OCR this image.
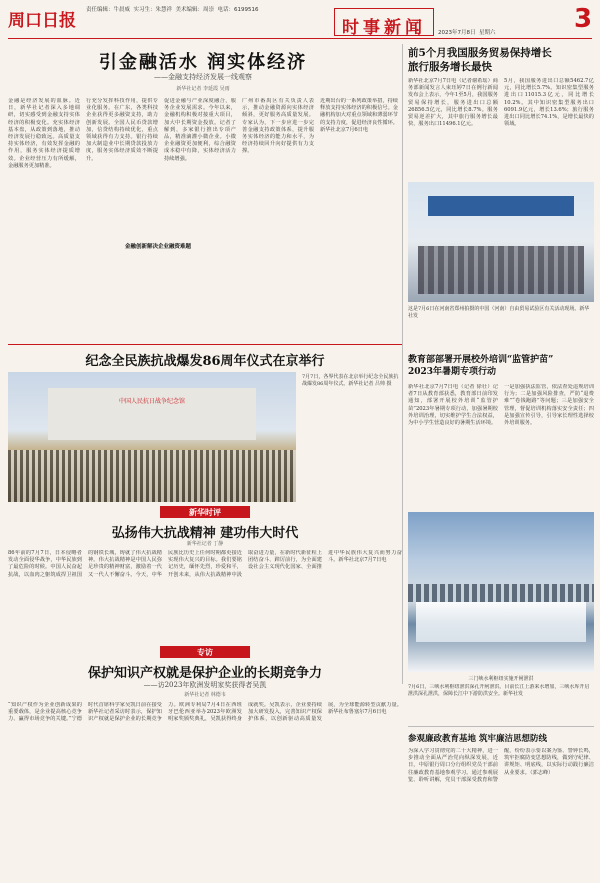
周口日报
责任编辑：牛晨威  实习生：朱慧祥  美术编辑：周崇  电话：6199516
时事新闻	2023年7月8日  星期六	3
引金融活水 润实体经济
——金融支持经济发展一线观察
新华社记者 李延霞 吴雨
金融是经济发展的血脉。近日，新华社记者深入多地调研，切实感受到金融支持实体经济的积极变化。充实体经济基本盘，从政策到落地，推动经济发展行稳致远。高质量支持实体经济，有效发挥金融的作用，服务实体经济提质增效。企业经营压力有所缓解，金融服务更加精准。
行充分发挥科技作用，提供专业化服务。在广东，各类科技企业获得更多融资支持，助力创新发展。全国人民币贷款增加，信贷结构持续优化，重点领域获得有力支持。银行持续加大制造业中长期贷款投放力度，服务实体经济质效不断提升。
促进金融与产业深度融合，服务企业发展需求。今年以来，金融机构积极对接重大项目，加大中长期资金投放。记者了解到，多家银行推出专项产品，精准滴灌小微企业。小微企业融资更加便利，综合融资成本稳中有降，实体经济活力持续增强。
广州市番禺区有关负责人表示，推动金融资源向实体经济倾斜，更好服务高质量发展。专家认为，下一步应进一步完善金融支持政策体系，提升服务实体经济的能力和水平，为经济持续回升向好提供有力支撑。
近期出台的一系列政策举措，持续释放支持实体经济的积极信号。金融机构加大对重点领域和薄弱环节的支持力度，促进经济良性循环。新华社北京7月6日电
金融创新解决企业融资难题
前5个月我国服务贸易保持增长
旅行服务增长最快
新华社北京7月7日电（记者谢希瑶）商务部新闻发言人束珏婷7日在例行新闻发布会上表示，今年1至5月，我国服务贸易保持增长，服务进出口总额26856.5亿元，同比增长8.7%。服务贸易逆差扩大，其中旅行服务增长最快，服务出口11496.1亿元。
5月，我国服务进出口总额5462.7亿元，同比增长5.7%。知识密集型服务进出口11015.3亿元，同比增长10.2%。其中知识密集型服务出口6091.9亿元，增长13.6%；旅行服务进出口同比增长74.1%，是增长最快的领域。
这是7月6日在河南省郑州拍摄的中国（河南）自由贸易试验区有关活动现场。新华社发
纪念全民族抗战爆发86周年仪式在京举行
中国人民抗日战争纪念馆
7月7日，各界代表在北京举行纪念全民族抗战爆发86周年仪式。新华社记者 吕帅 摄
教育部部署开展校外培训“监管护苗”
2023年暑期专项行动
新华社北京7月7日电（记者 徐壮）记者7日从教育部获悉，教育部日前印发通知，部署开展校外培训“监管护苗”2023年暑期专项行动，加强暑期校外培训治理，切实维护学生合法权益，为中小学生营造良好的暑期生活环境。
一是加强执法监管，依法查处违规培训行为；二是加强风险排查，严防“退费难”“卷钱跑路”等问题；三是加强安全管理，督促培训机构落实安全责任；四是加强宣传引导，引导家长理性选择校外培训服务。
新华时评
弘扬伟大抗战精神 建功伟大时代
新华社记者 丁静
86年前的7月7日，日本侵略者发动全面侵华战争，中华民族到了最危险的时候。中国人民奋起抗战，以血肉之躯筑成捍卫祖国的钢铁长城，铸就了伟大抗战精神。伟大抗战精神是中国人民弥足珍贵的精神财富，激励着一代又一代人不懈奋斗。今天，中华民族比历史上任何时期都更接近实现伟大复兴的目标。我们要铭记历史，缅怀先烈，珍爱和平，开创未来，从伟大抗战精神中汲取奋进力量，在新时代新征程上团结奋斗、踔厉前行，为全面建设社会主义现代化国家、全面推进中华民族伟大复兴而努力奋斗。新华社北京7月7日电
专访
保护知识产权就是保护企业的长期竞争力
——访2023年欧洲发明家奖获得者吴凯
新华社记者 林德韦
“知识产权作为企业创新成果的重要载体，是企业提高核心竞争力、赢得市场竞争的关键。”宁德时代首席科学家吴凯日前在接受新华社记者采访时表示，保护知识产权就是保护企业的长期竞争力。欧洲专利局7月4日在西班牙巴伦西亚举办2023年欧洲发明家奖颁奖典礼，吴凯获得终身成就奖。吴凯表示，企业要持续加大研发投入，完善知识产权保护体系，以创新驱动高质量发展，为全球能源转型贡献力量。新华社布鲁塞尔7月6日电
三门峡水利枢纽实施开闸泄洪
7月6日，三峡水利枢纽泄洪深孔开闸泄洪。目前长江上游来水增加，三峡水库开启泄洪深孔泄洪，保障长江中下游防洪安全。新华社发
参观廉政教育基地 筑牢廉洁思想防线
为深入学习贯彻党的二十大精神，进一步推动全面从严治党向纵深发展，近日，中原银行周口分行组织党员干部前往廉政教育基地参观学习。通过参观展览、聆听讲解，党员干部深受教育和警醒，纷纷表示要以案为鉴、警钟长鸣，筑牢拒腐防变思想防线，做到守纪律、讲规矩、明底线，以实际行动践行廉洁从业要求。（郭志峰）
